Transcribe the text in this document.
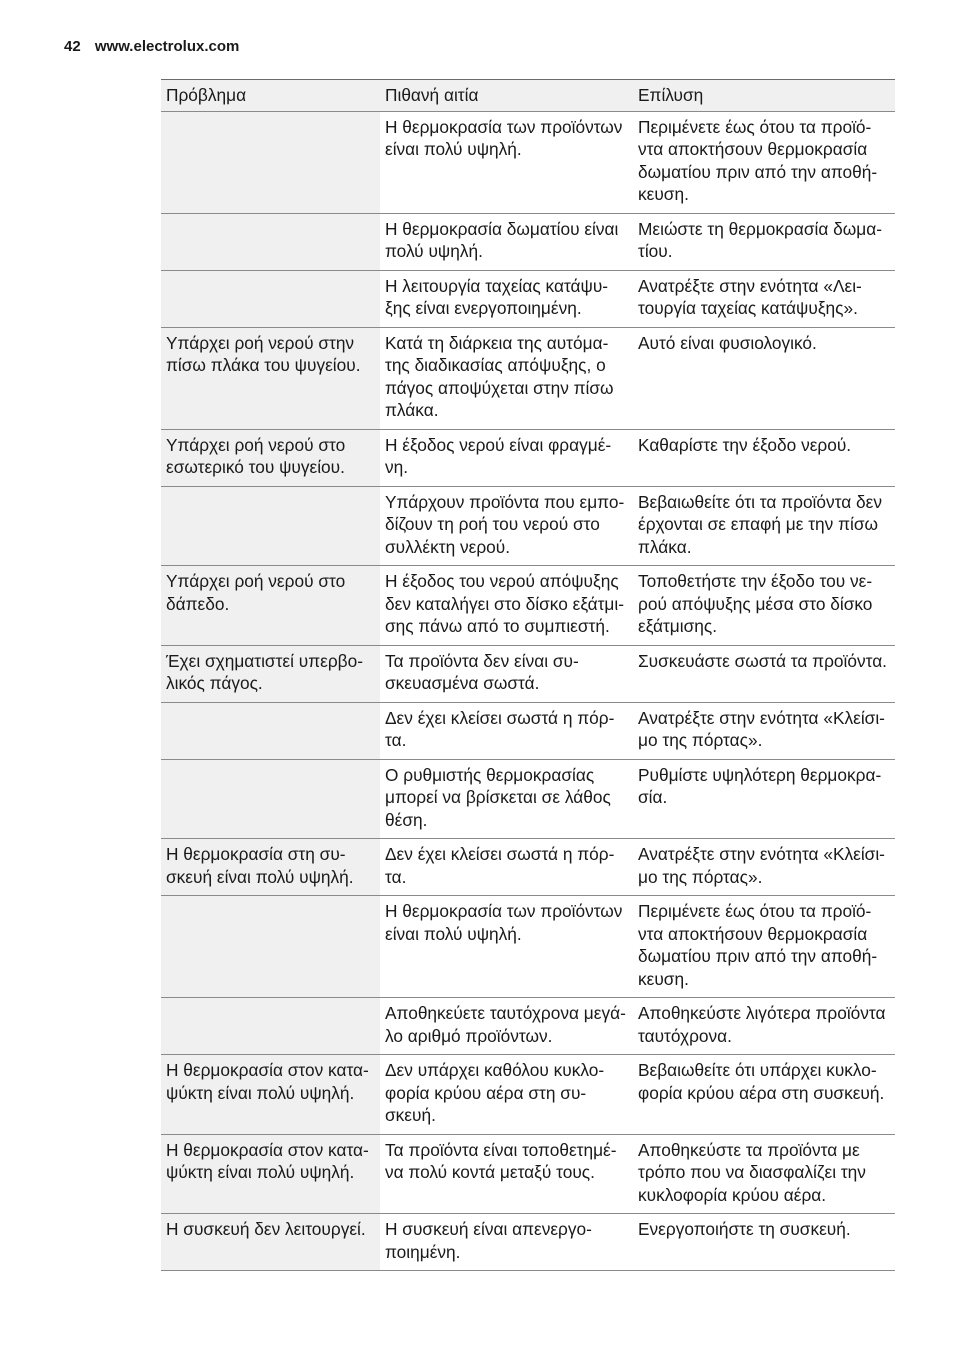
42 www.electrolux.com
Πρόβλημα	Πιθανή αιτία	Επίλυση
	Η θερμοκρασία των προϊόντων είναι πολύ υψηλή.	Περιμένετε έως ότου τα προϊό-ντα αποκτήσουν θερμοκρασία δωματίου πριν από την αποθή-κευση.
	Η θερμοκρασία δωματίου είναι πολύ υψηλή.	Μειώστε τη θερμοκρασία δωμα-τίου.
	Η λειτουργία ταχείας κατάψυ-ξης είναι ενεργοποιημένη.	Ανατρέξτε στην ενότητα «Λει-τουργία ταχείας κατάψυξης».
Υπάρχει ροή νερού στην πίσω πλάκα του ψυγείου.	Κατά τη διάρκεια της αυτόμα-της διαδικασίας απόψυξης, ο πάγος αποψύχεται στην πίσω πλάκα.	Αυτό είναι φυσιολογικό.
Υπάρχει ροή νερού στο εσωτερικό του ψυγείου.	Η έξοδος νερού είναι φραγμέ-νη.	Καθαρίστε την έξοδο νερού.
	Υπάρχουν προϊόντα που εμπο-δίζουν τη ροή του νερού στο συλλέκτη νερού.	Βεβαιωθείτε ότι τα προϊόντα δεν έρχονται σε επαφή με την πίσω πλάκα.
Υπάρχει ροή νερού στο δάπεδο.	Η έξοδος του νερού απόψυξης δεν καταλήγει στο δίσκο εξάτμι-σης πάνω από το συμπιεστή.	Τοποθετήστε την έξοδο του νε-ρού απόψυξης μέσα στο δίσκο εξάτμισης.
Έχει σχηματιστεί υπερβο-λικός πάγος.	Τα προϊόντα δεν είναι συ-σκευασμένα σωστά.	Συσκευάστε σωστά τα προϊόντα.
	Δεν έχει κλείσει σωστά η πόρ-τα.	Ανατρέξτε στην ενότητα «Κλείσι-μο της πόρτας».
	Ο ρυθμιστής θερμοκρασίας μπορεί να βρίσκεται σε λάθος θέση.	Ρυθμίστε υψηλότερη θερμοκρα-σία.
Η θερμοκρασία στη συ-σκευή είναι πολύ υψηλή.	Δεν έχει κλείσει σωστά η πόρ-τα.	Ανατρέξτε στην ενότητα «Κλείσι-μο της πόρτας».
	Η θερμοκρασία των προϊόντων είναι πολύ υψηλή.	Περιμένετε έως ότου τα προϊό-ντα αποκτήσουν θερμοκρασία δωματίου πριν από την αποθή-κευση.
	Αποθηκεύετε ταυτόχρονα μεγά-λο αριθμό προϊόντων.	Αποθηκεύστε λιγότερα προϊόντα ταυτόχρονα.
Η θερμοκρασία στον κατα-ψύκτη είναι πολύ υψηλή.	Δεν υπάρχει καθόλου κυκλο-φορία κρύου αέρα στη συ-σκευή.	Βεβαιωθείτε ότι υπάρχει κυκλο-φορία κρύου αέρα στη συσκευή.
Η θερμοκρασία στον κατα-ψύκτη είναι πολύ υψηλή.	Τα προϊόντα είναι τοποθετημέ-να πολύ κοντά μεταξύ τους.	Αποθηκεύστε τα προϊόντα με τρόπο που να διασφαλίζει την κυκλοφορία κρύου αέρα.
Η συσκευή δεν λειτουργεί.	Η συσκευή είναι απενεργο-ποιημένη.	Ενεργοποιήστε τη συσκευή.
